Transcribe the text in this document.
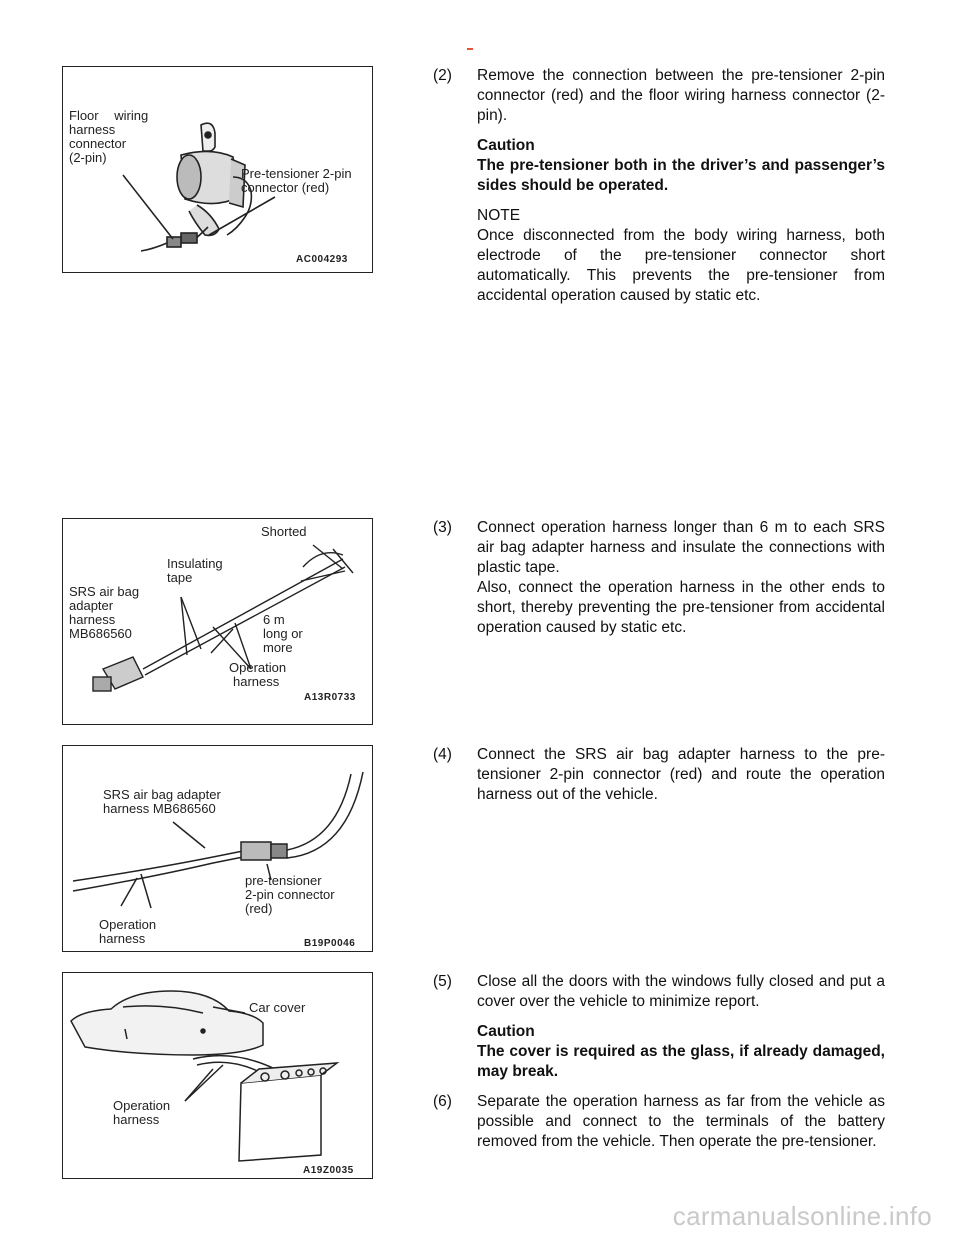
Floor wiring
harness
connector
(2-pin)
Pre-tensioner 2-pin
connector (red)
AC004293
Shorted
Insulating
tape
SRS air bag
adapter
harness
MB686560
6 m
long or
more
Operation
harness
A13R0733
SRS air bag adapter
harness MB686560
pre-tensioner
2-pin connector
(red)
Operation
harness	B19P0046
Car cover
Operation
harness
A19Z0035

(2) Remove the connection between the pre-tensioner 2-pin connector (red) and the floor wiring harness connector (2-pin).

Caution

The pre-tensioner both in the driver’s and passenger’s sides should be operated.

NOTE

Once disconnected from the body wiring harness, both electrode of the pre-tensioner connector short automatically. This prevents the pre-tensioner from accidental operation caused by static etc.

(3) Connect operation harness longer than 6 m to each SRS air bag adapter harness and insulate the connections with plastic tape.

Also, connect the operation harness in the other ends to short, thereby preventing the pre-tensioner from accidental operation caused by static etc.

(4) Connect the SRS air bag adapter harness to the pre-tensioner 2-pin connector (red) and route the operation harness out of the vehicle.

(5) Close all the doors with the windows fully closed and put a cover over the vehicle to minimize report.

Caution

The cover is required as the glass, if already damaged, may break.

(6) Separate the operation harness as far from the vehicle as possible and connect to the terminals of the battery removed from the vehicle. Then operate the pre-tensioner.

carmanualsonline.info
